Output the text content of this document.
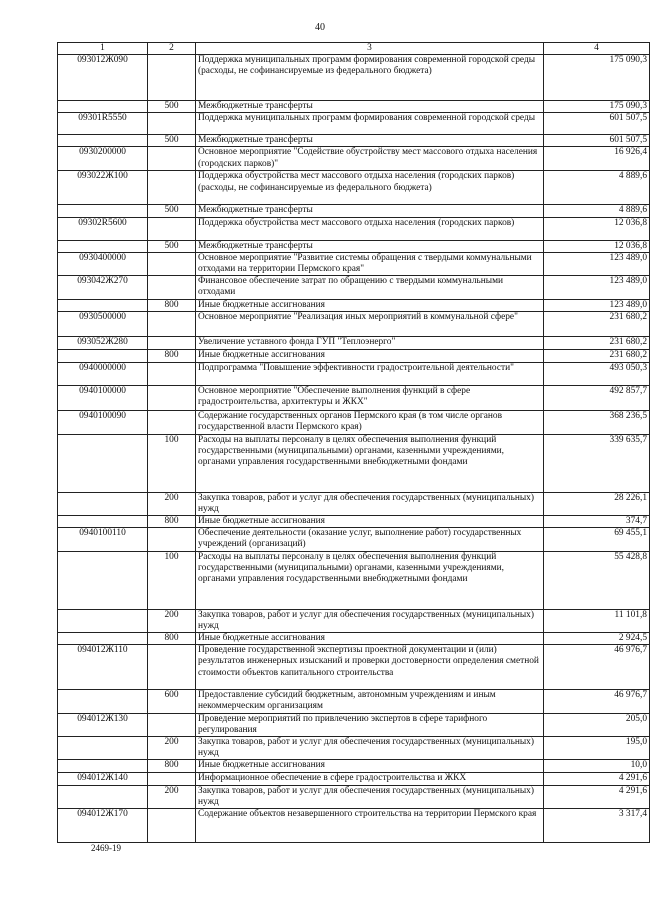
40
1	2	3	4
093012Ж090		Поддержка муниципальных программ формирования современной городской среды (расходы, не софинансируемые из федерального бюджета)	175 090,3
	500	Межбюджетные трансферты	175 090,3
09301R5550		Поддержка муниципальных программ формирования современной городской среды	601 507,5
	500	Межбюджетные трансферты	601 507,5
0930200000		Основное мероприятие "Содействие обустройству мест массового отдыха населения (городских парков)"	16 926,4
093022Ж100		Поддержка обустройства мест массового отдыха населения (городских парков) (расходы, не софинансируемые из федерального бюджета)	4 889,6
	500	Межбюджетные трансферты	4 889,6
09302R5600		Поддержка обустройства мест массового отдыха населения (городских парков)	12 036,8
	500	Межбюджетные трансферты	12 036,8
0930400000		Основное мероприятие "Развитие системы обращения с твердыми коммунальными отходами на территории Пермского края"	123 489,0
093042Ж270		Финансовое обеспечение затрат по обращению с твердыми коммунальными отходами	123 489,0
	800	Иные бюджетные ассигнования	123 489,0
0930500000		Основное мероприятие "Реализация иных мероприятий в коммунальной сфере"	231 680,2
093052Ж280		Увеличение уставного фонда ГУП "Теплоэнерго"	231 680,2
	800	Иные бюджетные ассигнования	231 680,2
0940000000		Подпрограмма "Повышение эффективности градостроительной деятельности"	493 050,3
0940100000		Основное мероприятие "Обеспечение выполнения функций в сфере градостроительства, архитектуры и ЖКХ"	492 857,7
0940100090		Содержание государственных органов Пермского края (в том числе органов государственной власти Пермского края)	368 236,5
	100	Расходы на выплаты персоналу в целях обеспечения выполнения функций государственными (муниципальными) органами, казенными учреждениями, органами управления государственными внебюджетными фондами	339 635,7
	200	Закупка товаров, работ и услуг для обеспечения государственных (муниципальных) нужд	28 226,1
	800	Иные бюджетные ассигнования	374,7
0940100110		Обеспечение деятельности (оказание услуг, выполнение работ) государственных учреждений (организаций)	69 455,1
	100	Расходы на выплаты персоналу в целях обеспечения выполнения функций государственными (муниципальными) органами, казенными учреждениями, органами управления государственными внебюджетными фондами	55 428,8
	200	Закупка товаров, работ и услуг для обеспечения государственных (муниципальных) нужд	11 101,8
	800	Иные бюджетные ассигнования	2 924,5
094012Ж110		Проведение государственной экспертизы проектной документации и (или) результатов инженерных изысканий и проверки достоверности определения сметной стоимости объектов капитального строительства	46 976,7
	600	Предоставление субсидий бюджетным, автономным учреждениям и иным некоммерческим организациям	46 976,7
094012Ж130		Проведение мероприятий по привлечению экспертов в сфере тарифного регулирования	205,0
	200	Закупка товаров, работ и услуг для обеспечения государственных (муниципальных) нужд	195,0
	800	Иные бюджетные ассигнования	10,0
094012Ж140		Информационное обеспечение в сфере градостроительства и ЖКХ	4 291,6
	200	Закупка товаров, работ и услуг для обеспечения государственных (муниципальных) нужд	4 291,6
094012Ж170		Содержание объектов незавершенного строительства на территории Пермского края	3 317,4
2469-19
